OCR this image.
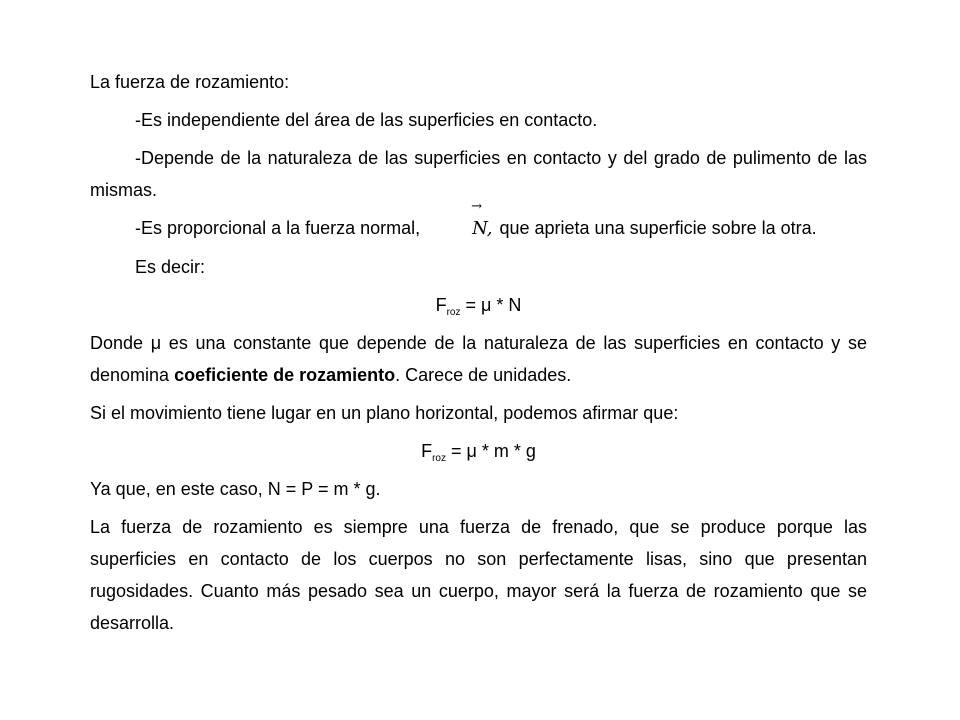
La fuerza de rozamiento:

-Es independiente del área de las superficies en contacto.

-Depende de la naturaleza de las superficies en contacto y del grado de pulimento de las mismas.

-Es proporcional a la fuerza normal,
→
N, que aprieta una superficie sobre la otra.

Es decir:

$F_{roz} = \mu * N$

Donde μ es una constante que depende de la naturaleza de las superficies en contacto y se denomina coeficiente de rozamiento. Carece de unidades.

Si el movimiento tiene lugar en un plano horizontal, podemos afirmar que:

$F_{roz} = \mu * m * g$

Ya que, en este caso, N = P = m * g.

La fuerza de rozamiento es siempre una fuerza de frenado, que se produce porque las superficies en contacto de los cuerpos no son perfectamente lisas, sino que presentan rugosidades. Cuanto más pesado sea un cuerpo, mayor será la fuerza de rozamiento que se desarrolla.
